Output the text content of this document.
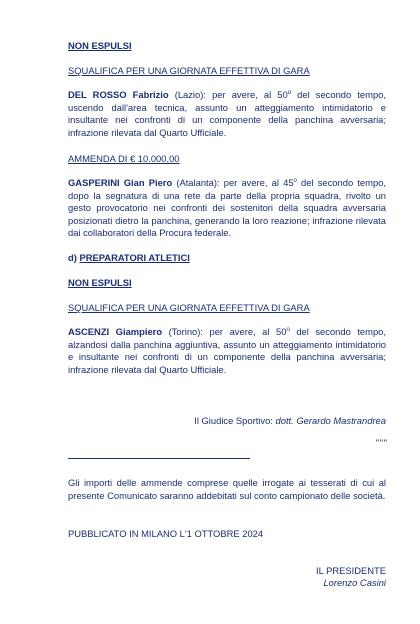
NON ESPULSI
SQUALIFICA PER UNA GIORNATA EFFETTIVA DI GARA
DEL ROSSO Fabrizio (Lazio): per avere, al 50$^o$ del secondo tempo, uscendo dall'area tecnica, assunto un atteggiamento intimidatorio e insultante nei confronti di un componente della panchina avversaria; infrazione rilevata dal Quarto Ufficiale.
AMMENDA DI € 10.000,00
GASPERINI Gian Piero (Atalanta): per avere, al 45$^o$ del secondo tempo, dopo la segnatura di una rete da parte della propria squadra, rivolto un gesto provocatorio nei confronti dei sostenitori della squadra avversaria posizionati dietro la panchina, generando la loro reazione; infrazione rilevata dai collaboratori della Procura federale.
d) PREPARATORI ATLETICI
NON ESPULSI
SQUALIFICA PER UNA GIORNATA EFFETTIVA DI GARA
ASCENZI Giampiero (Torino): per avere, al 50$^o$ del secondo tempo, alzandosi dalla panchina aggiuntiva, assunto un atteggiamento intimidatorio e insultante nei confronti di un componente della panchina avversaria; infrazione rilevata dal Quarto Ufficiale.
Il Giudice Sportivo: dott. Gerardo Mastrandrea
" " "
Gli importi delle ammende comprese quelle irrogate ai tesserati di cui al presente Comunicato saranno addebitati sul conto campionato delle società.
PUBBLICATO IN MILANO L'1 OTTOBRE 2024
IL PRESIDENTE
Lorenzo Casini
